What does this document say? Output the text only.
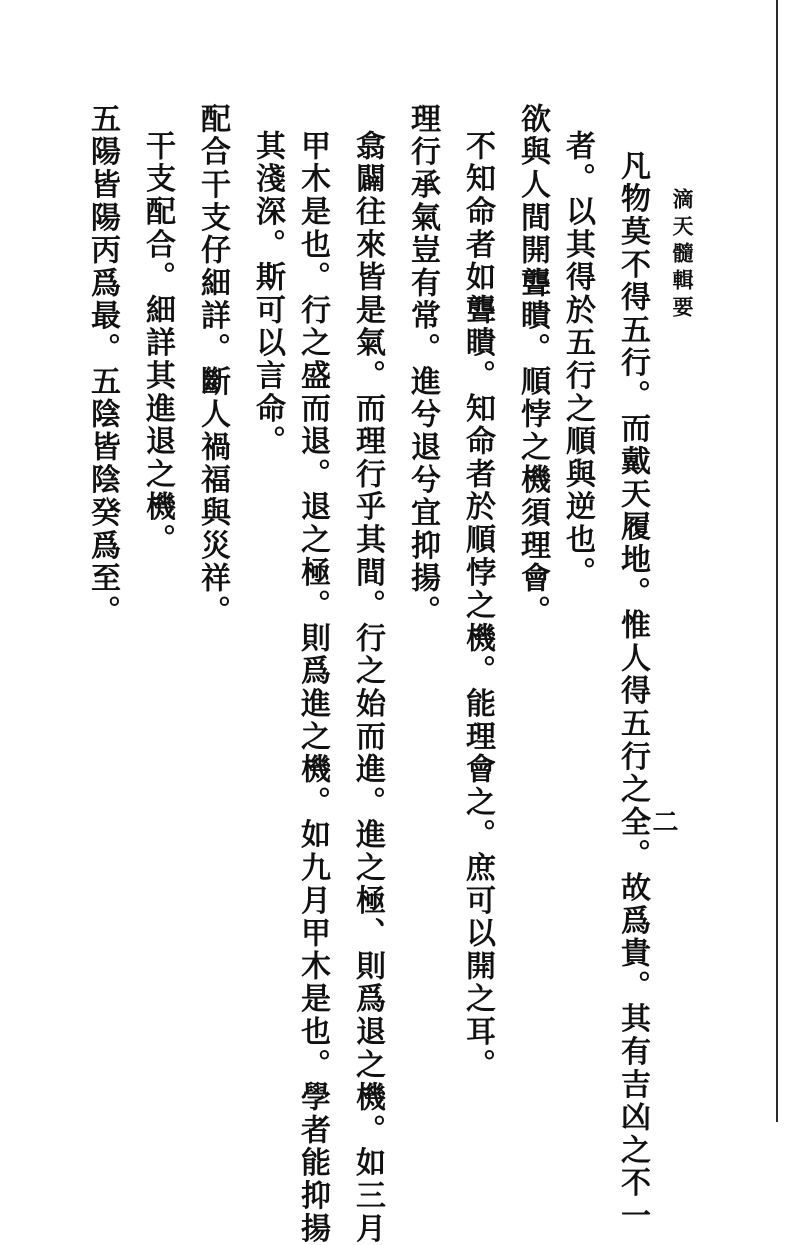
滴天髓輯要
二
凡物莫不得五行。而戴天履地。惟人得五行之全。故爲貴。其有吉凶之不一
者。以其得於五行之順與逆也。
欲與人間開聾瞶。順悖之機須理會。
不知命者如聾瞶。知命者於順悖之機。能理會之。庶可以開之耳。
理行承氣豈有常。進兮退兮宜抑揚。
翕闢往來皆是氣。而理行乎其間。行之始而進。進之極、則爲退之機。如三月
甲木是也。行之盛而退。退之極。則爲進之機。如九月甲木是也。學者能抑揚
其淺深。斯可以言命。
配合干支仔細詳。斷人禍福與災祥。
干支配合。細詳其進退之機。
五陽皆陽丙爲最。五陰皆陰癸爲至。
